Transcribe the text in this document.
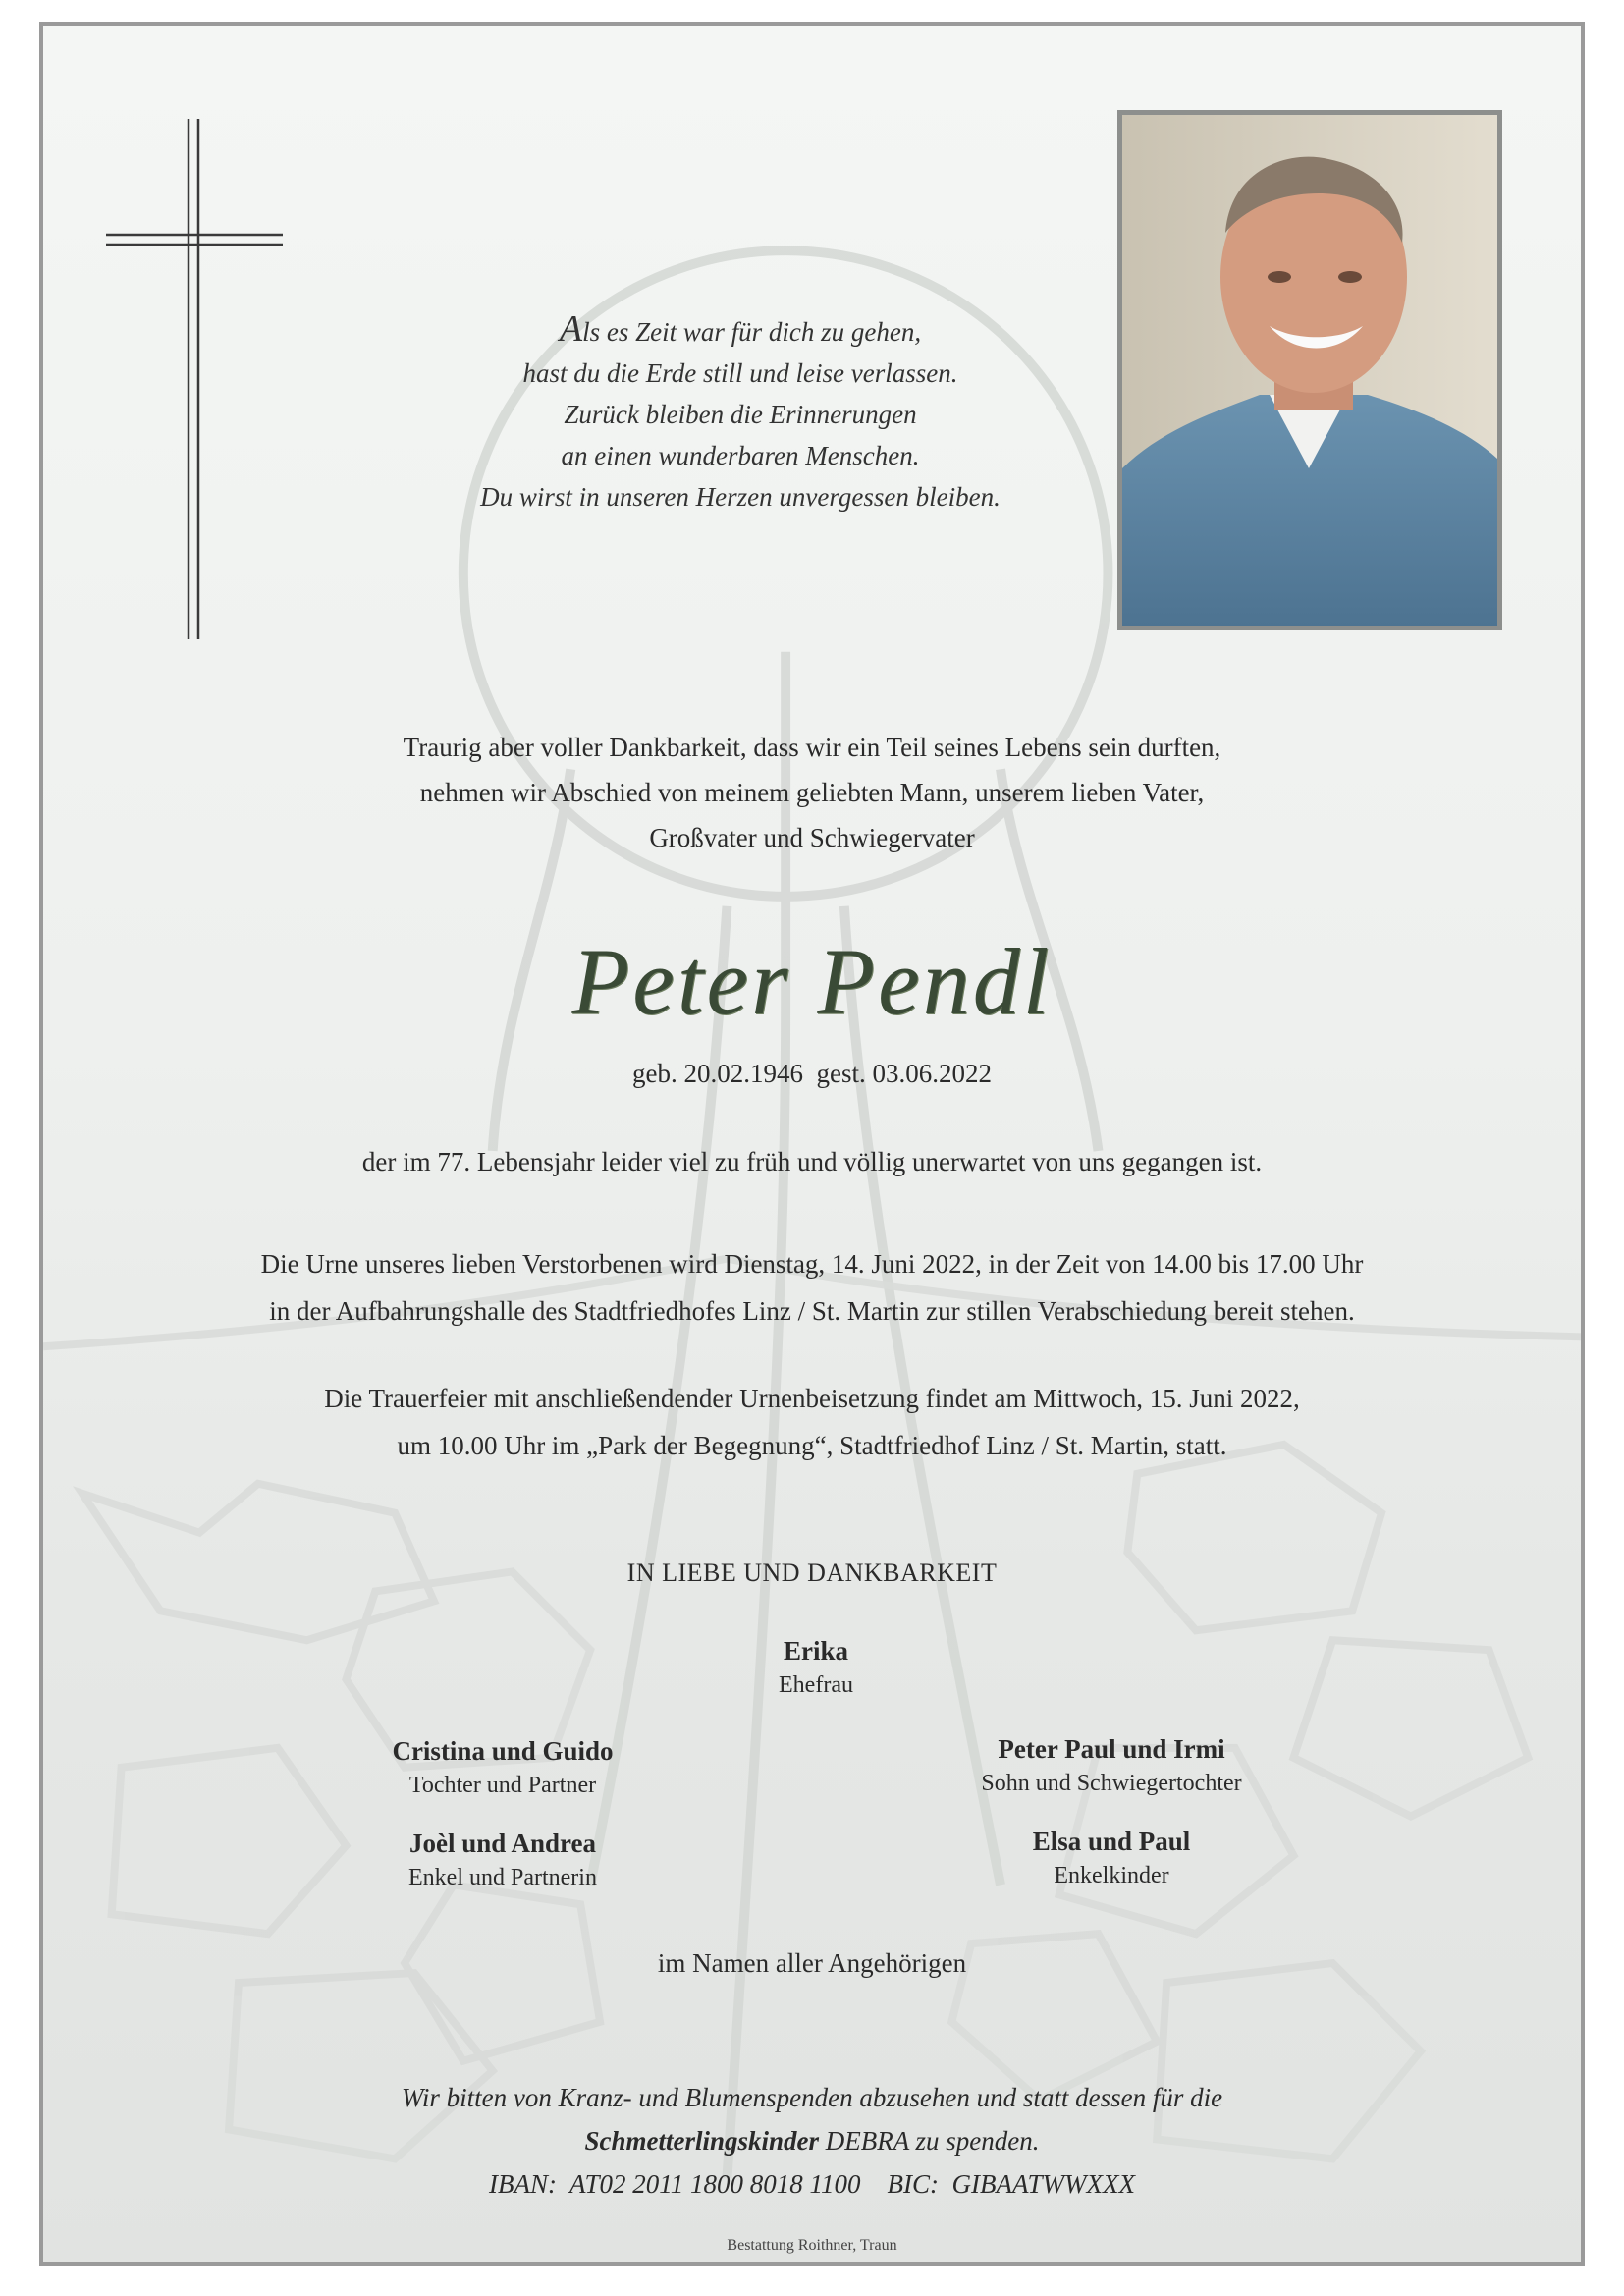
Als es Zeit war für dich zu gehen,
hast du die Erde still und leise verlassen.
Zurück bleiben die Erinnerungen
an einen wunderbaren Menschen.
Du wirst in unseren Herzen unvergessen bleiben.
Traurig aber voller Dankbarkeit, dass wir ein Teil seines Lebens sein durften,
nehmen wir Abschied von meinem geliebten Mann, unserem lieben Vater,
Großvater und Schwiegervater
Peter Pendl
geb. 20.02.1946  gest. 03.06.2022
der im 77. Lebensjahr leider viel zu früh und völlig unerwartet von uns gegangen ist.
Die Urne unseres lieben Verstorbenen wird Dienstag, 14. Juni 2022, in der Zeit von 14.00 bis 17.00 Uhr
in der Aufbahrungshalle des Stadtfriedhofes Linz / St. Martin zur stillen Verabschiedung bereit stehen.
Die Trauerfeier mit anschließendender Urnenbeisetzung findet am Mittwoch, 15. Juni 2022,
um 10.00 Uhr im „Park der Begegnung“, Stadtfriedhof Linz / St. Martin, statt.
IN LIEBE UND DANKBARKEIT
Erika
Ehefrau
Cristina und Guido
Tochter und Partner
Peter Paul und Irmi
Sohn und Schwiegertochter
Joèl und Andrea
Enkel und Partnerin
Elsa und Paul
Enkelkinder
im Namen aller Angehörigen
Wir bitten von Kranz- und Blumenspenden abzusehen und statt dessen für die
Schmetterlingskinder DEBRA zu spenden.
IBAN: AT02 2011 1800 8018 1100 BIC: GIBAATWWXXX
Bestattung Roithner, Traun
